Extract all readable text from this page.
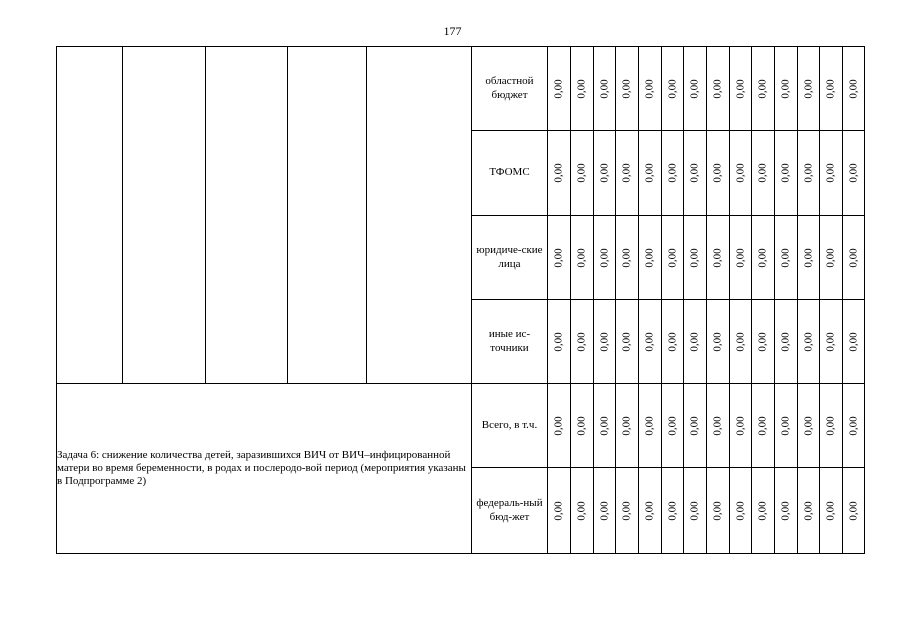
177
					областной бюджет	0,00	0,00	0,00	0,00	0,00	0,00	0,00	0,00	0,00	0,00	0,00	0,00	0,00	0,00

					ТФОМС	0,00	0,00	0,00	0,00	0,00	0,00	0,00	0,00	0,00	0,00	0,00	0,00	0,00	0,00

					юридиче-ские лица	0,00	0,00	0,00	0,00	0,00	0,00	0,00	0,00	0,00	0,00	0,00	0,00	0,00	0,00

					иные ис-точники	0,00	0,00	0,00	0,00	0,00	0,00	0,00	0,00	0,00	0,00	0,00	0,00	0,00	0,00

Задача 6: снижение количества детей, заразившихся ВИЧ от ВИЧ–инфицированной матери во время беременности, в родах и послеродо-вой период (мероприятия указаны в Подпрограмме 2)					Всего, в т.ч.	0,00	0,00	0,00	0,00	0,00	0,00	0,00	0,00	0,00	0,00	0,00	0,00	0,00	0,00

					федераль-ный бюд-жет	0,00	0,00	0,00	0,00	0,00	0,00	0,00	0,00	0,00	0,00	0,00	0,00	0,00	0,00
